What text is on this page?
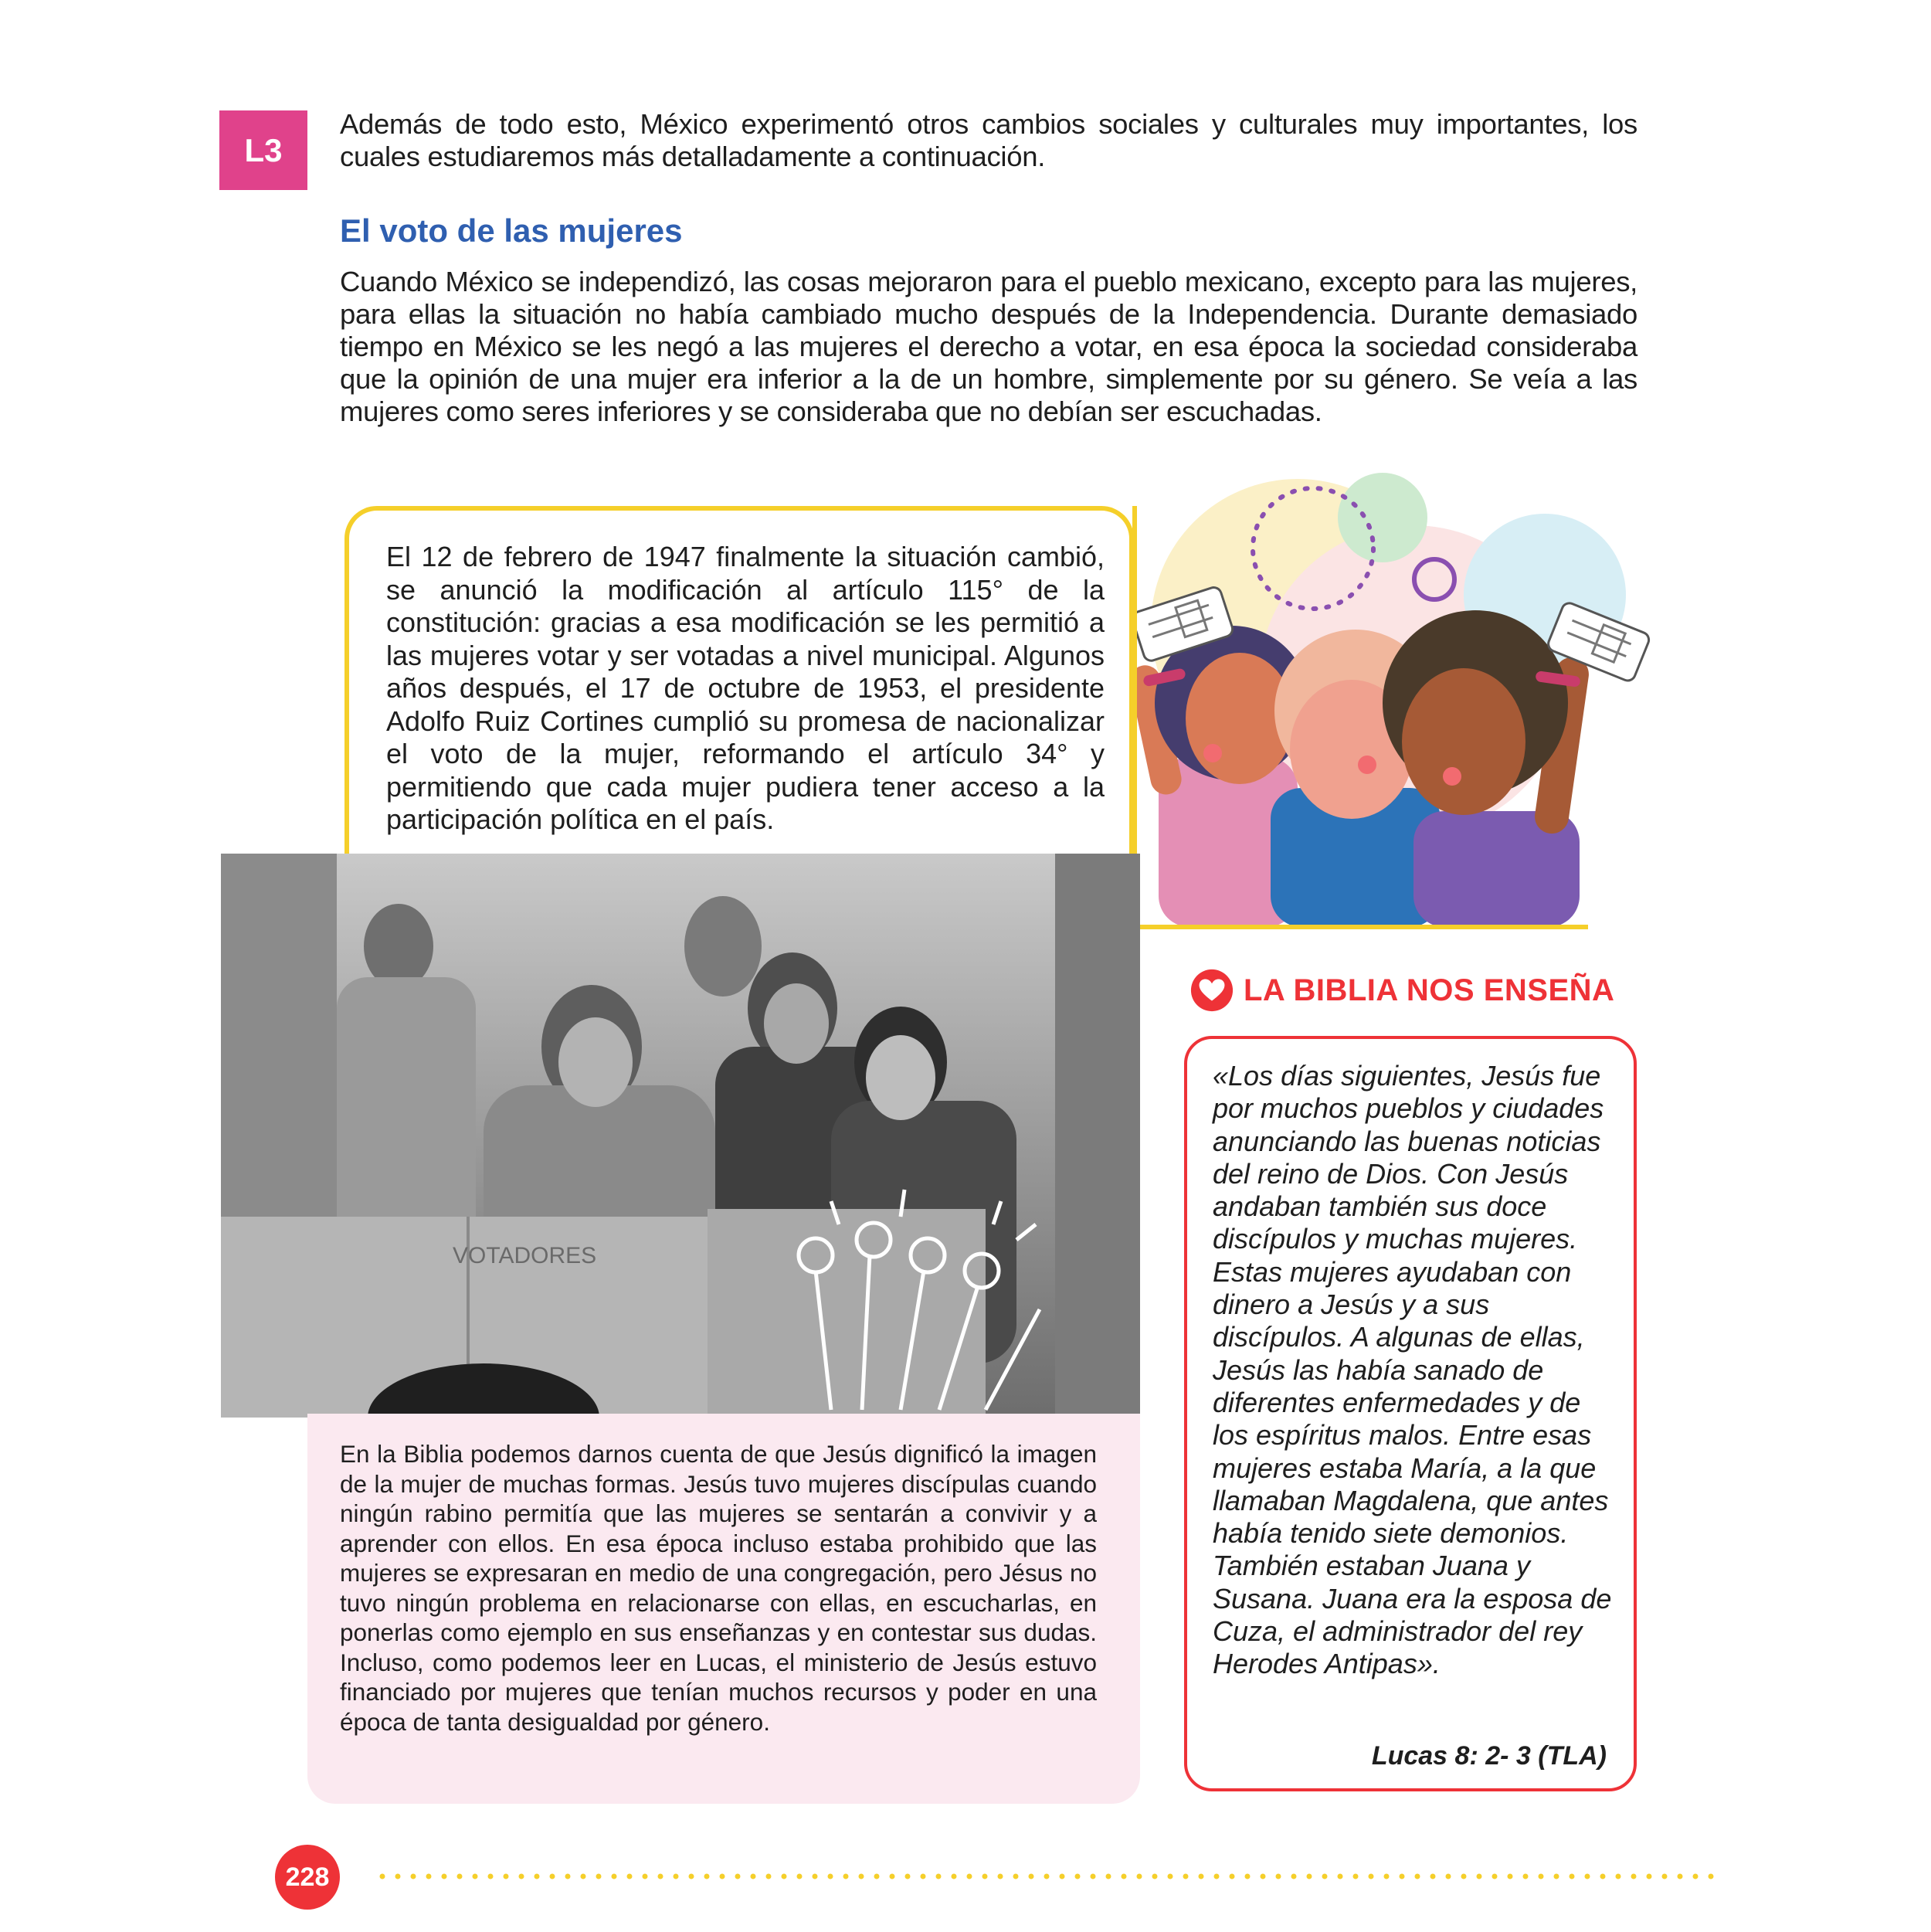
L3
Además de todo esto, México experimentó otros cambios sociales y culturales muy importantes, los cuales estudiaremos más detalladamente a continuación.
El voto de las mujeres
Cuando México se independizó, las cosas mejoraron para el pueblo mexicano, excepto para las mujeres, para ellas la situación no había cambiado mucho después de la Independencia. Durante demasiado tiempo en México se les negó a las mujeres el derecho a votar, en esa época la sociedad consideraba que la opinión de una mujer era inferior a la de un hombre, simplemente por su género. Se veía a las mujeres como seres inferiores y se consideraba que no debían ser escuchadas.
El 12 de febrero de 1947 finalmente la situación cambió, se anunció la modificación al artículo 115° de la constitución: gracias a esa modificación se les permitió a las mujeres votar y ser votadas a nivel municipal. Algunos años después, el 17 de octubre de 1953, el presidente Adolfo Ruiz Cortines cumplió su promesa de nacionalizar el voto de la mujer, reformando el artículo 34° y permitiendo que cada mujer pudiera tener acceso a la participación política en el país.
VOTADORES
En la Biblia podemos darnos cuenta de que Jesús dignificó la imagen de la mujer de muchas formas. Jesús tuvo mujeres discípulas cuando ningún rabino permitía que las mujeres se sentarán a convivir y a aprender con ellos. En esa época incluso estaba prohibido que las mujeres se expresaran en medio de una congregación, pero Jésus no tuvo ningún problema en relacionarse con ellas, en escucharlas, en ponerlas como ejemplo en sus enseñanzas y en contestar sus dudas. Incluso, como podemos leer en Lucas, el ministerio de Jesús estuvo financiado por mujeres que tenían muchos recursos y poder en una época de tanta desigualdad por género.
LA BIBLIA NOS ENSEÑA
«Los días siguientes, Jesús fue por muchos pueblos y ciudades anunciando las buenas noticias del reino de Dios. Con Jesús andaban también sus doce discípulos y muchas mujeres. Estas mujeres ayudaban con dinero a Jesús y a sus discípulos. A algunas de ellas, Jesús las había sanado de diferentes enfermedades y de los espíritus malos. Entre esas mujeres estaba María, a la que llamaban Magdalena, que antes había tenido siete demonios. También estaban Juana y Susana. Juana era la esposa de Cuza, el administrador del rey Herodes Antipas».
Lucas 8: 2- 3 (TLA)
228
